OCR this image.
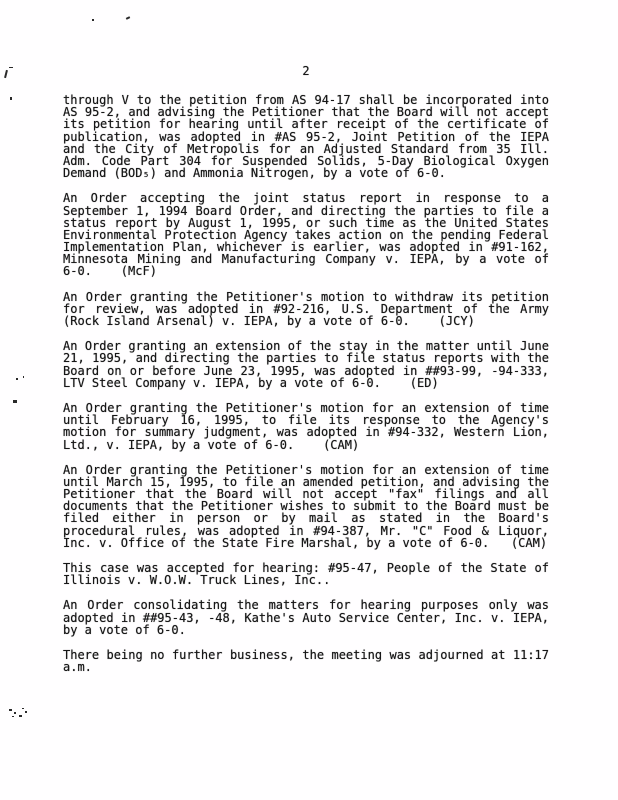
2
through V to the petition from AS 94-17 shall be incorporated into
AS 95-2, and advising the Petitioner that the Board will not accept
its petition for hearing until after receipt of the certificate of
publication, was adopted in #AS 95-2, Joint Petition of the IEPA
and the City of Metropolis for an Adjusted Standard from 35 Ill.
Adm. Code Part 304 for Suspended Solids, 5-Day Biological Oxygen
Demand (BOD₅) and Ammonia Nitrogen, by a vote of 6-0.
An Order accepting the joint status report in response to a
September 1, 1994 Board Order, and directing the parties to file a
status report by August 1, 1995, or such time as the United States
Environmental Protection Agency takes action on the pending Federal
Implementation Plan, whichever is earlier, was adopted in #91-162,
Minnesota Mining and Manufacturing Company v. IEPA, by a vote of
6-0.    (McF)
An Order granting the Petitioner's motion to withdraw its petition
for review, was adopted in #92-216, U.S. Department of the Army
(Rock Island Arsenal) v. IEPA, by a vote of 6-0.    (JCY)
An Order granting an extension of the stay in the matter until June
21, 1995, and directing the parties to file status reports with the
Board on or before June 23, 1995, was adopted in ##93-99, -94-333,
LTV Steel Company v. IEPA, by a vote of 6-0.    (ED)
An Order granting the Petitioner's motion for an extension of time
until February 16, 1995, to file its response to the Agency's
motion for summary judgment, was adopted in #94-332, Western Lion,
Ltd., v. IEPA, by a vote of 6-0.    (CAM)
An Order granting the Petitioner's motion for an extension of time
until March 15, 1995, to file an amended petition, and advising the
Petitioner that the Board will not accept "fax" filings and all
documents that the Petitioner wishes to submit to the Board must be
filed either in person or by mail as stated in the Board's
procedural rules, was adopted in #94-387, Mr. "C" Food & Liquor,
Inc. v. Office of the State Fire Marshal, by a vote of 6-0.   (CAM)
This case was accepted for hearing: #95-47, People of the State of
Illinois v. W.O.W. Truck Lines, Inc..
An Order consolidating the matters for hearing purposes only was
adopted in ##95-43, -48, Kathe's Auto Service Center, Inc. v. IEPA,
by a vote of 6-0.
There being no further business, the meeting was adjourned at 11:17
a.m.
